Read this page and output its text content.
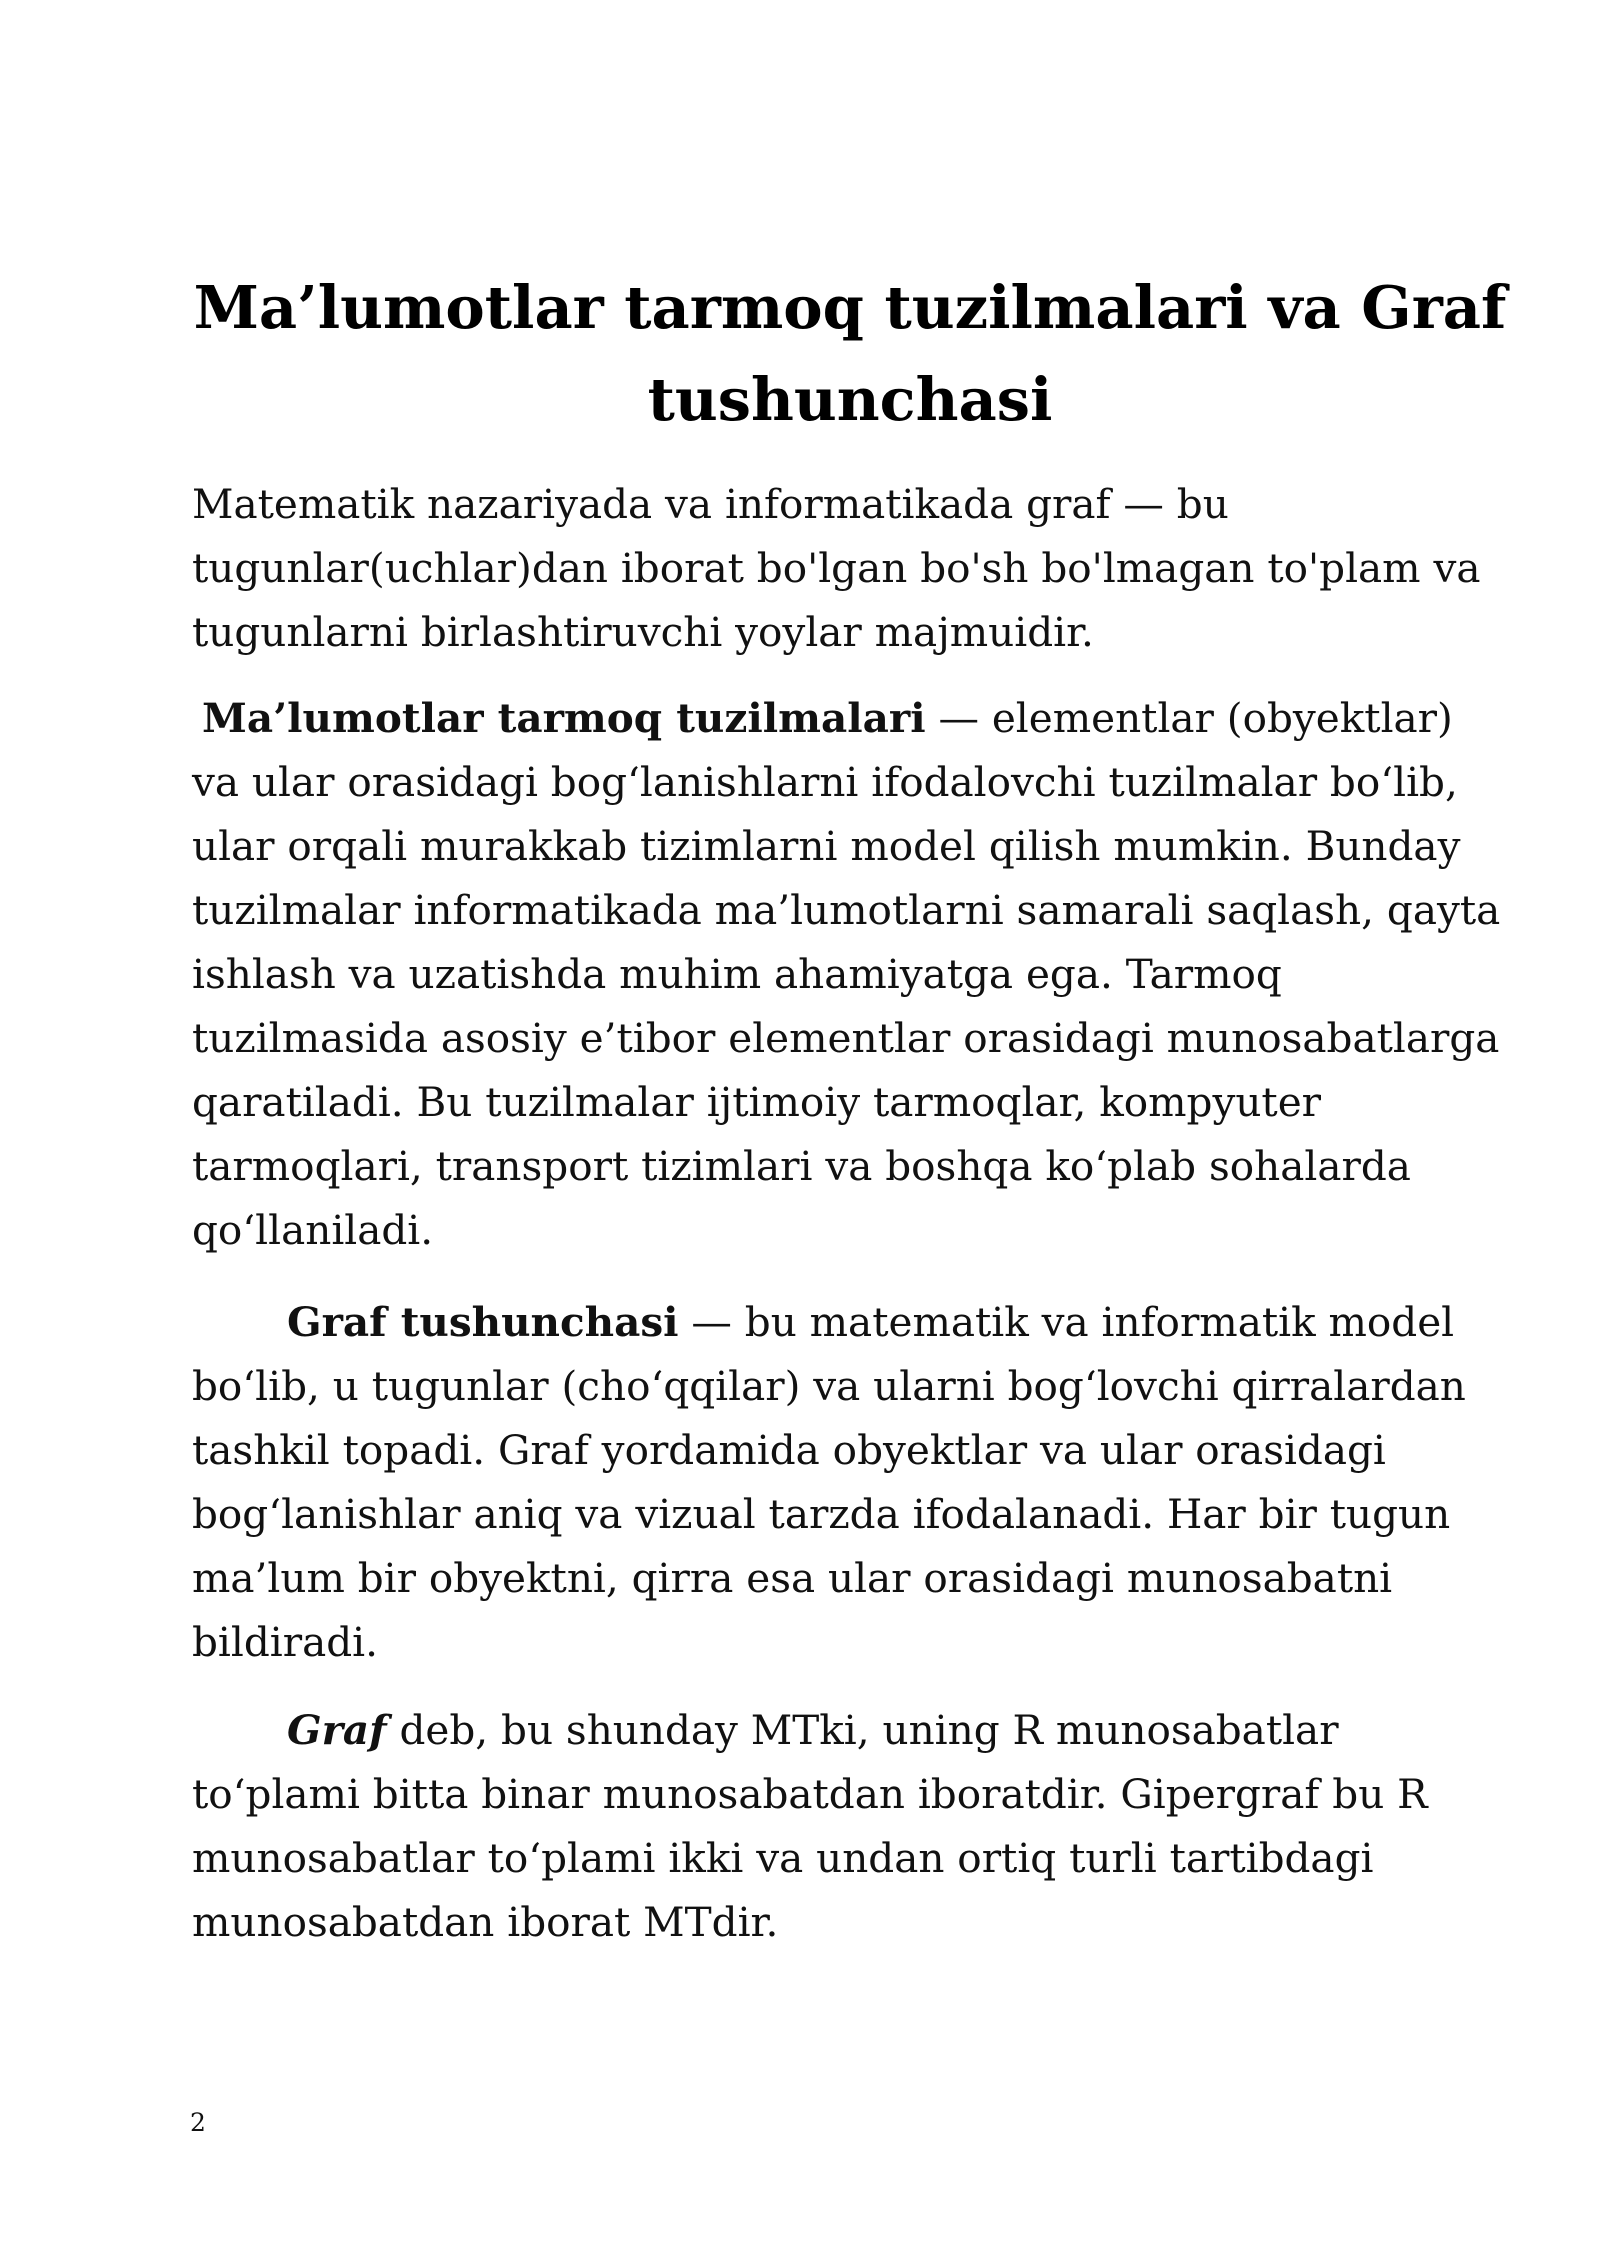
Ma’lumotlar tarmoq tuzilmalari va Graf
tushunchasi

Matematik nazariyada va informatikada graf — bu tugunlar(uchlar)dan iborat bo'lgan bo'sh bo'lmagan to'plam va tugunlarni birlashtiruvchi yoylar majmuidir.

Ma’lumotlar tarmoq tuzilmalari — elementlar (obyektlar) va ular orasidagi bog‘lanishlarni ifodalovchi tuzilmalar bo‘lib, ular orqali murakkab tizimlarni model qilish mumkin. Bunday tuzilmalar informatikada ma’lumotlarni samarali saqlash, qayta ishlash va uzatishda muhim ahamiyatga ega. Tarmoq tuzilmasida asosiy e’tibor elementlar orasidagi munosabatlarga qaratiladi. Bu tuzilmalar ijtimoiy tarmoqlar, kompyuter tarmoqlari, transport tizimlari va boshqa ko‘plab sohalarda qo‘llaniladi.

Graf tushunchasi — bu matematik va informatik model bo‘lib, u tugunlar (cho‘qqilar) va ularni bog‘lovchi qirralardan tashkil topadi. Graf yordamida obyektlar va ular orasidagi bog‘lanishlar aniq va vizual tarzda ifodalanadi. Har bir tugun ma’lum bir obyektni, qirra esa ular orasidagi munosabatni bildiradi.

Graf deb, bu shunday MTki, uning R munosabatlar to‘plami bitta binar munosabatdan iboratdir. Gipergraf bu R munosabatlar to‘plami ikki va undan ortiq turli tartibdagi munosabatdan iborat MTdir.

2
